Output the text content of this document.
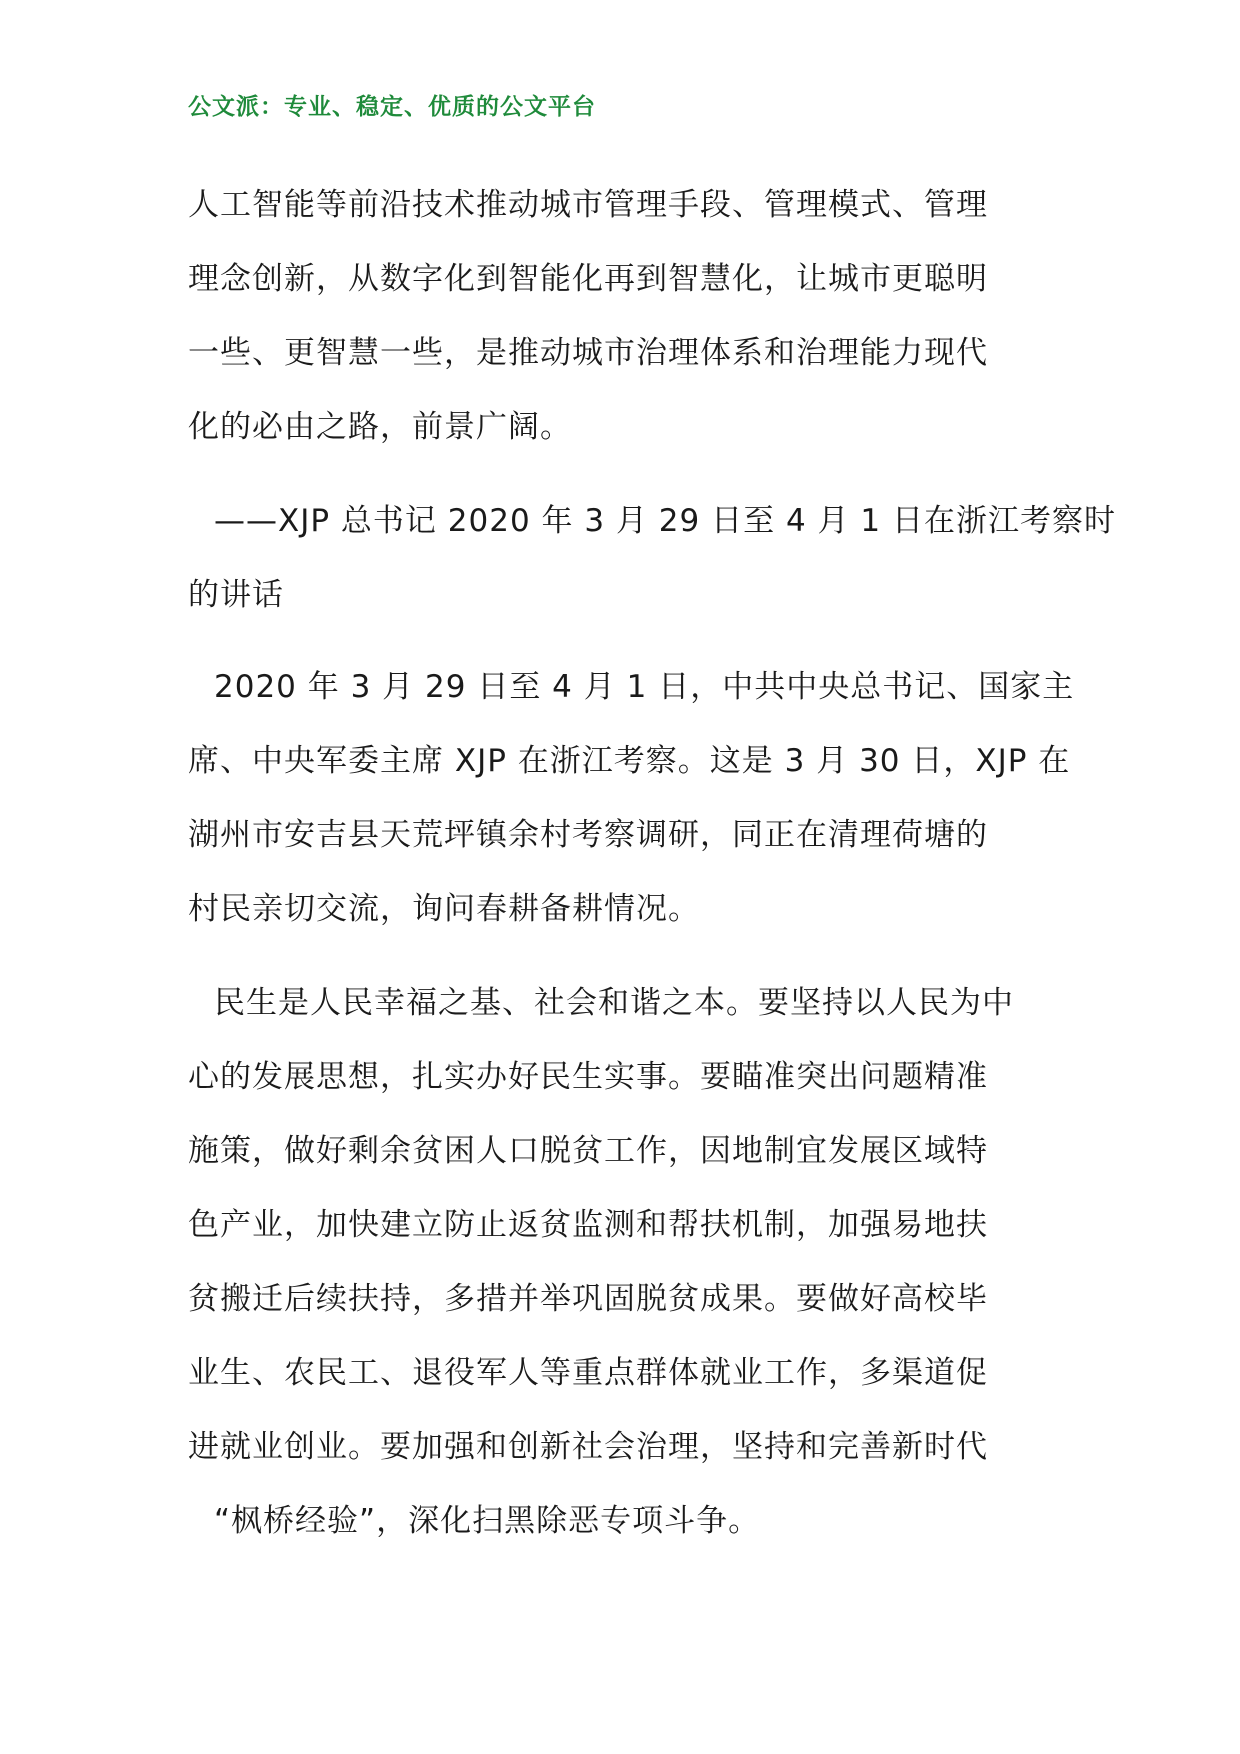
公文派：专业、稳定、优质的公文平台

人工智能等前沿技术推动城市管理手段、管理模式、管理
理念创新，从数字化到智能化再到智慧化，让城市更聪明
一些、更智慧一些，是推动城市治理体系和治理能力现代
化的必由之路，前景广阔。

——XJP 总书记 2020 年 3 月 29 日至 4 月 1 日在浙江考察时
的讲话

2020 年 3 月 29 日至 4 月 1 日，中共中央总书记、国家主
席、中央军委主席 XJP 在浙江考察。这是 3 月 30 日，XJP 在
湖州市安吉县天荒坪镇余村考察调研，同正在清理荷塘的
村民亲切交流，询问春耕备耕情况。

民生是人民幸福之基、社会和谐之本。要坚持以人民为中
心的发展思想，扎实办好民生实事。要瞄准突出问题精准
施策，做好剩余贫困人口脱贫工作，因地制宜发展区域特
色产业，加快建立防止返贫监测和帮扶机制，加强易地扶
贫搬迁后续扶持，多措并举巩固脱贫成果。要做好高校毕
业生、农民工、退役军人等重点群体就业工作，多渠道促
进就业创业。要加强和创新社会治理，坚持和完善新时代
“枫桥经验”，深化扫黑除恶专项斗争。
